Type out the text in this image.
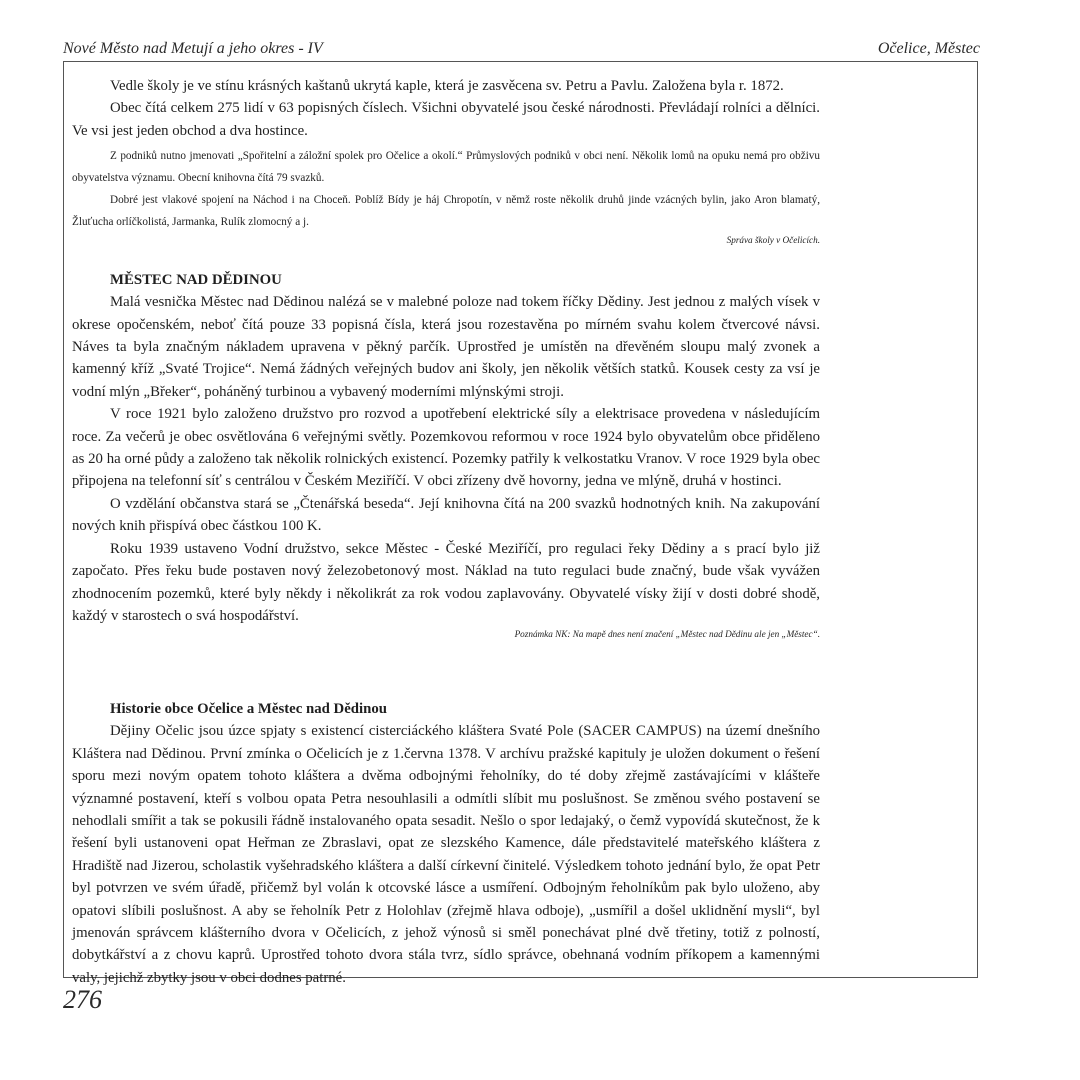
Nové Město nad Metují a jeho okres - IV	Očelice, Městec

Vedle školy je ve stínu krásných kaštanů ukrytá kaple, která je zasvěcena sv. Petru a Pavlu. Založena byla r. 1872.

Obec čítá celkem 275 lidí v 63 popisných číslech. Všichni obyvatelé jsou české národnosti. Převládají rolníci a dělníci. Ve vsi jest jeden obchod a dva hostince.

Z podniků nutno jmenovati „Spořitelní a záložní spolek pro Očelice a okolí.“ Průmyslových podniků v obci není. Několik lomů na opuku nemá pro obživu obyvatelstva významu. Obecní knihovna čítá 79 svazků.

Dobré jest vlakové spojení na Náchod i na Choceň. Poblíž Bídy je háj Chropotín, v němž roste několik druhů jinde vzácných bylin, jako Aron blamatý, Žluťucha orlíčkolistá, Jarmanka, Rulík zlomocný a j.

Správa školy v Očelicích.

MĚSTEC NAD DĚDINOU

Malá vesnička Městec nad Dědinou nalézá se v malebné poloze nad tokem říčky Dědiny. Jest jednou z malých vísek v okrese opočenském, neboť čítá pouze 33 popisná čísla, která jsou rozestavěna po mírném svahu kolem čtvercové návsi. Náves ta byla značným nákladem upravena v pěkný parčík. Uprostřed je umístěn na dřevěném sloupu malý zvonek a kamenný kříž „Svaté Trojice“. Nemá žádných veřejných budov ani školy, jen několik větších statků. Kousek cesty za vsí je vodní mlýn „Břeker“, poháněný turbinou a vybavený moderními mlýnskými stroji.

V roce 1921 bylo založeno družstvo pro rozvod a upotřebení elektrické síly a elektrisace provedena v následujícím roce. Za večerů je obec osvětlována 6 veřejnými světly. Pozemkovou reformou v roce 1924 bylo obyvatelům obce přiděleno as 20 ha orné půdy a založeno tak několik rolnických existencí. Pozemky patřily k velkostatku Vranov. V roce 1929 byla obec připojena na telefonní síť s centrálou v Českém Meziříčí. V obci zřízeny dvě hovorny, jedna ve mlýně, druhá v hostinci.

O vzdělání občanstva stará se „Čtenářská beseda“. Její knihovna čítá na 200 svazků hodnotných knih. Na zakupování nových knih přispívá obec částkou 100 K.

Roku 1939 ustaveno Vodní družstvo, sekce Městec - České Meziříčí, pro regulaci řeky Dědiny a s prací bylo již započato. Přes řeku bude postaven nový železobetonový most. Náklad na tuto regulaci bude značný, bude však vyvážen zhodnocením pozemků, které byly někdy i několikrát za rok vodou zaplavovány. Obyvatelé vísky žijí v dosti dobré shodě, každý v starostech o svá hospodářství.

Poznámka NK: Na mapě dnes není značení „Městec nad Dědinu ale jen „Městec“.

Historie obce Očelice a Městec nad Dědinou

Dějiny Očelic jsou úzce spjaty s existencí cisterciáckého kláštera Svaté Pole (SACER CAMPUS) na území dnešního Kláštera nad Dědinou. První zmínka o Očelicích je z 1.června 1378. V archívu pražské kapituly je uložen dokument o řešení sporu mezi novým opatem tohoto kláštera a dvěma odbojnými řeholníky, do té doby zřejmě zastávajícími v klášteře významné postavení, kteří s volbou opata Petra nesouhlasili a odmítli slíbit mu poslušnost. Se změnou svého postavení se nehodlali smířit a tak se pokusili řádně instalovaného opata sesadit. Nešlo o spor ledajaký, o čemž vypovídá skutečnost, že k řešení byli ustanoveni opat Heřman ze Zbraslavi, opat ze slezského Kamence, dále představitelé mateřského kláštera z Hradiště nad Jizerou, scholastik vyšehradského kláštera a další církevní činitelé. Výsledkem tohoto jednání bylo, že opat Petr byl potvrzen ve svém úřadě, přičemž byl volán k otcovské lásce a usmíření. Odbojným řeholníkům pak bylo uloženo, aby opatovi slíbili poslušnost. A aby se řeholník Petr z Holohlav (zřejmě hlava odboje), „usmířil a došel uklidnění mysli“, byl jmenován správcem klášterního dvora v Očelicích, z jehož výnosů si směl ponechávat plné dvě třetiny, totiž z polností, dobytkářství a z chovu kaprů. Uprostřed tohoto dvora stála tvrz, sídlo správce, obehnaná vodním příkopem a kamennými valy, jejichž zbytky jsou v obci dodnes patrné.

276
